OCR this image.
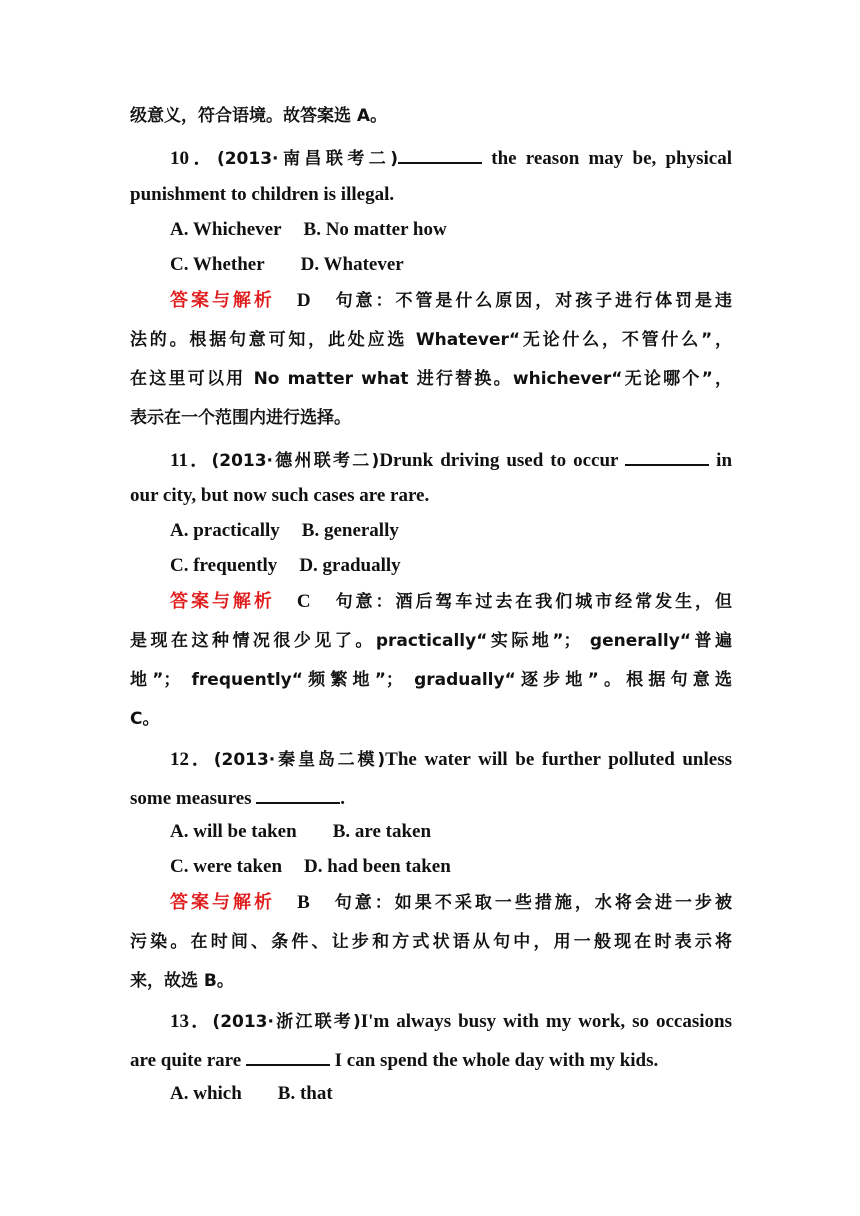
级意义，符合语境。故答案选 A。
10．(2013·南昌联考二)	the reason may be, physical
punishment to children is illegal.
A. Whichever B. No matter how
C. Whether D. Whatever
答案与解析 D 句意：不管是什么原因，对孩子进行体罚是违
法的。根据句意可知，此处应选 Whatever“无论什么，不管什么”，
在这里可以用 No matter what 进行替换。whichever“无论哪个”，
表示在一个范围内进行选择。
11．(2013·德州联考二)Drunk driving used to occur	in
our city, but now such cases are rare.
A. practically B. generally
C. frequently D. gradually
答案与解析 C 句意：酒后驾车过去在我们城市经常发生，但
是现在这种情况很少见了。practically“实际地”； generally“普遍
地”； frequently“频繁地”； gradually“逐步地”。根据句意选
C。
12．(2013·秦皇岛二模)The water will be further polluted unless
some measures	.
A. will be taken B. are taken
C. were taken D. had been taken
答案与解析 B 句意：如果不采取一些措施，水将会进一步被
污染。在时间、条件、让步和方式状语从句中，用一般现在时表示将
来，故选 B。
13．(2013·浙江联考)I'm always busy with my work, so occasions
are quite rare	I can spend the whole day with my kids.
A. which B. that
